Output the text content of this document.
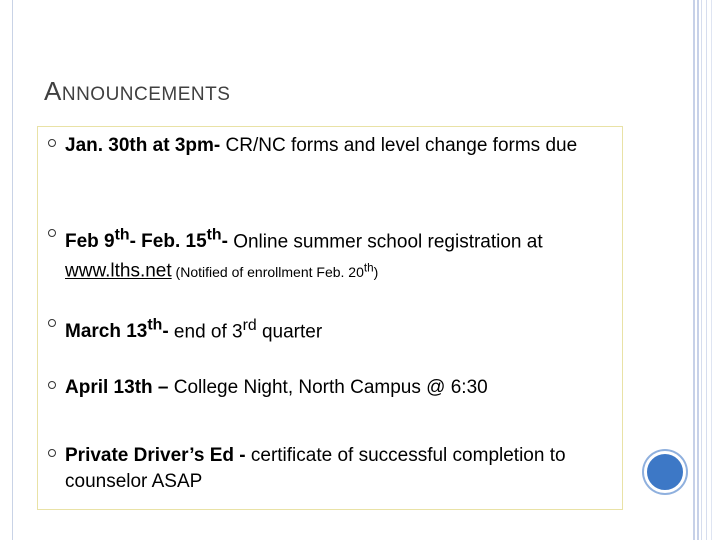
ANNOUNCEMENTS
Jan. 30th at 3pm- CR/NC forms and level change forms due
Feb 9th- Feb. 15th- Online summer school registration at
www.lths.net (Notified of enrollment Feb. 20th)
March 13th- end of 3rd quarter
April 13th – College Night, North Campus @ 6:30
Private Driver’s Ed - certificate of successful completion to counselor ASAP
